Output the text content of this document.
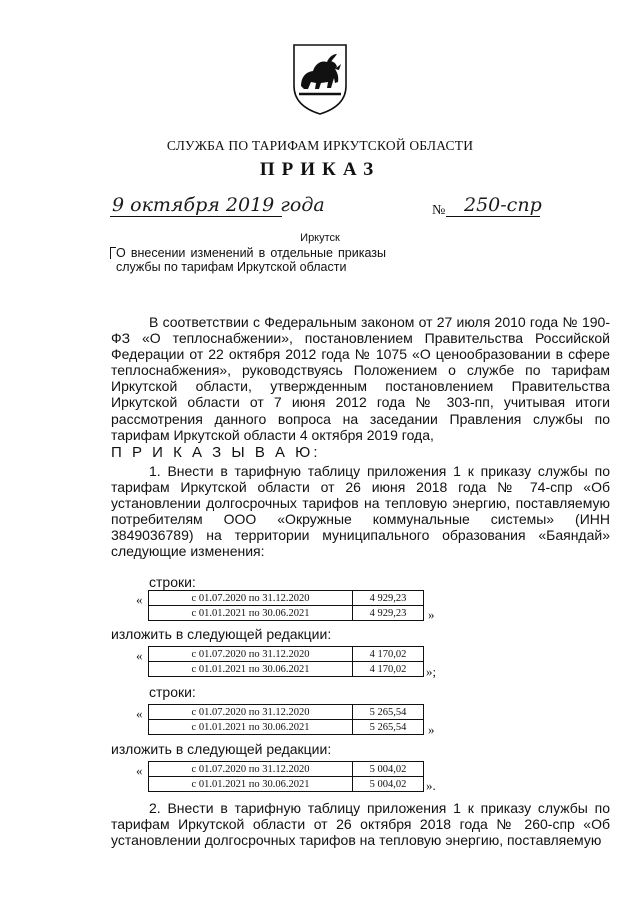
СЛУЖБА ПО ТАРИФАМ ИРКУТСКОЙ ОБЛАСТИ
ПРИКАЗ
9 октября 2019 года	№ 250-спр
Иркутск
О внесении изменений в отдельные приказы службы по тарифам Иркутской области
В соответствии с Федеральным законом от 27 июля 2010 года № 190-ФЗ «О теплоснабжении», постановлением Правительства Российской Федерации от 22 октября 2012 года № 1075 «О ценообразовании в сфере теплоснабжения», руководствуясь Положением о службе по тарифам Иркутской области, утвержденным постановлением Правительства Иркутской области от 7 июня 2012 года № 303-пп, учитывая итоги рассмотрения данного вопроса на заседании Правления службы по тарифам Иркутской области 4 октября 2019 года,
П Р И К А З Ы В А Ю:
1. Внести в тарифную таблицу приложения 1 к приказу службы по тарифам Иркутской области от 26 июня 2018 года № 74-спр «Об установлении долгосрочных тарифов на тепловую энергию, поставляемую потребителям ООО «Окружные коммунальные системы» (ИНН 3849036789) на территории муниципального образования «Баяндай» следующие изменения:
строки:
«	с 01.07.2020 по 31.12.2020	4 929,23
с 01.01.2021 по 30.06.2021	4 929,23 »
изложить в следующей редакции:
«	с 01.07.2020 по 31.12.2020	4 170,02
с 01.01.2021 по 30.06.2021	4 170,02 »;
строки:
«	с 01.07.2020 по 31.12.2020	5 265,54
с 01.01.2021 по 30.06.2021	5 265,54 »
изложить в следующей редакции:
«	с 01.07.2020 по 31.12.2020	5 004,02
с 01.01.2021 по 30.06.2021	5 004,02 ».
2. Внести в тарифную таблицу приложения 1 к приказу службы по тарифам Иркутской области от 26 октября 2018 года № 260-спр «Об установлении долгосрочных тарифов на тепловую энергию, поставляемую
